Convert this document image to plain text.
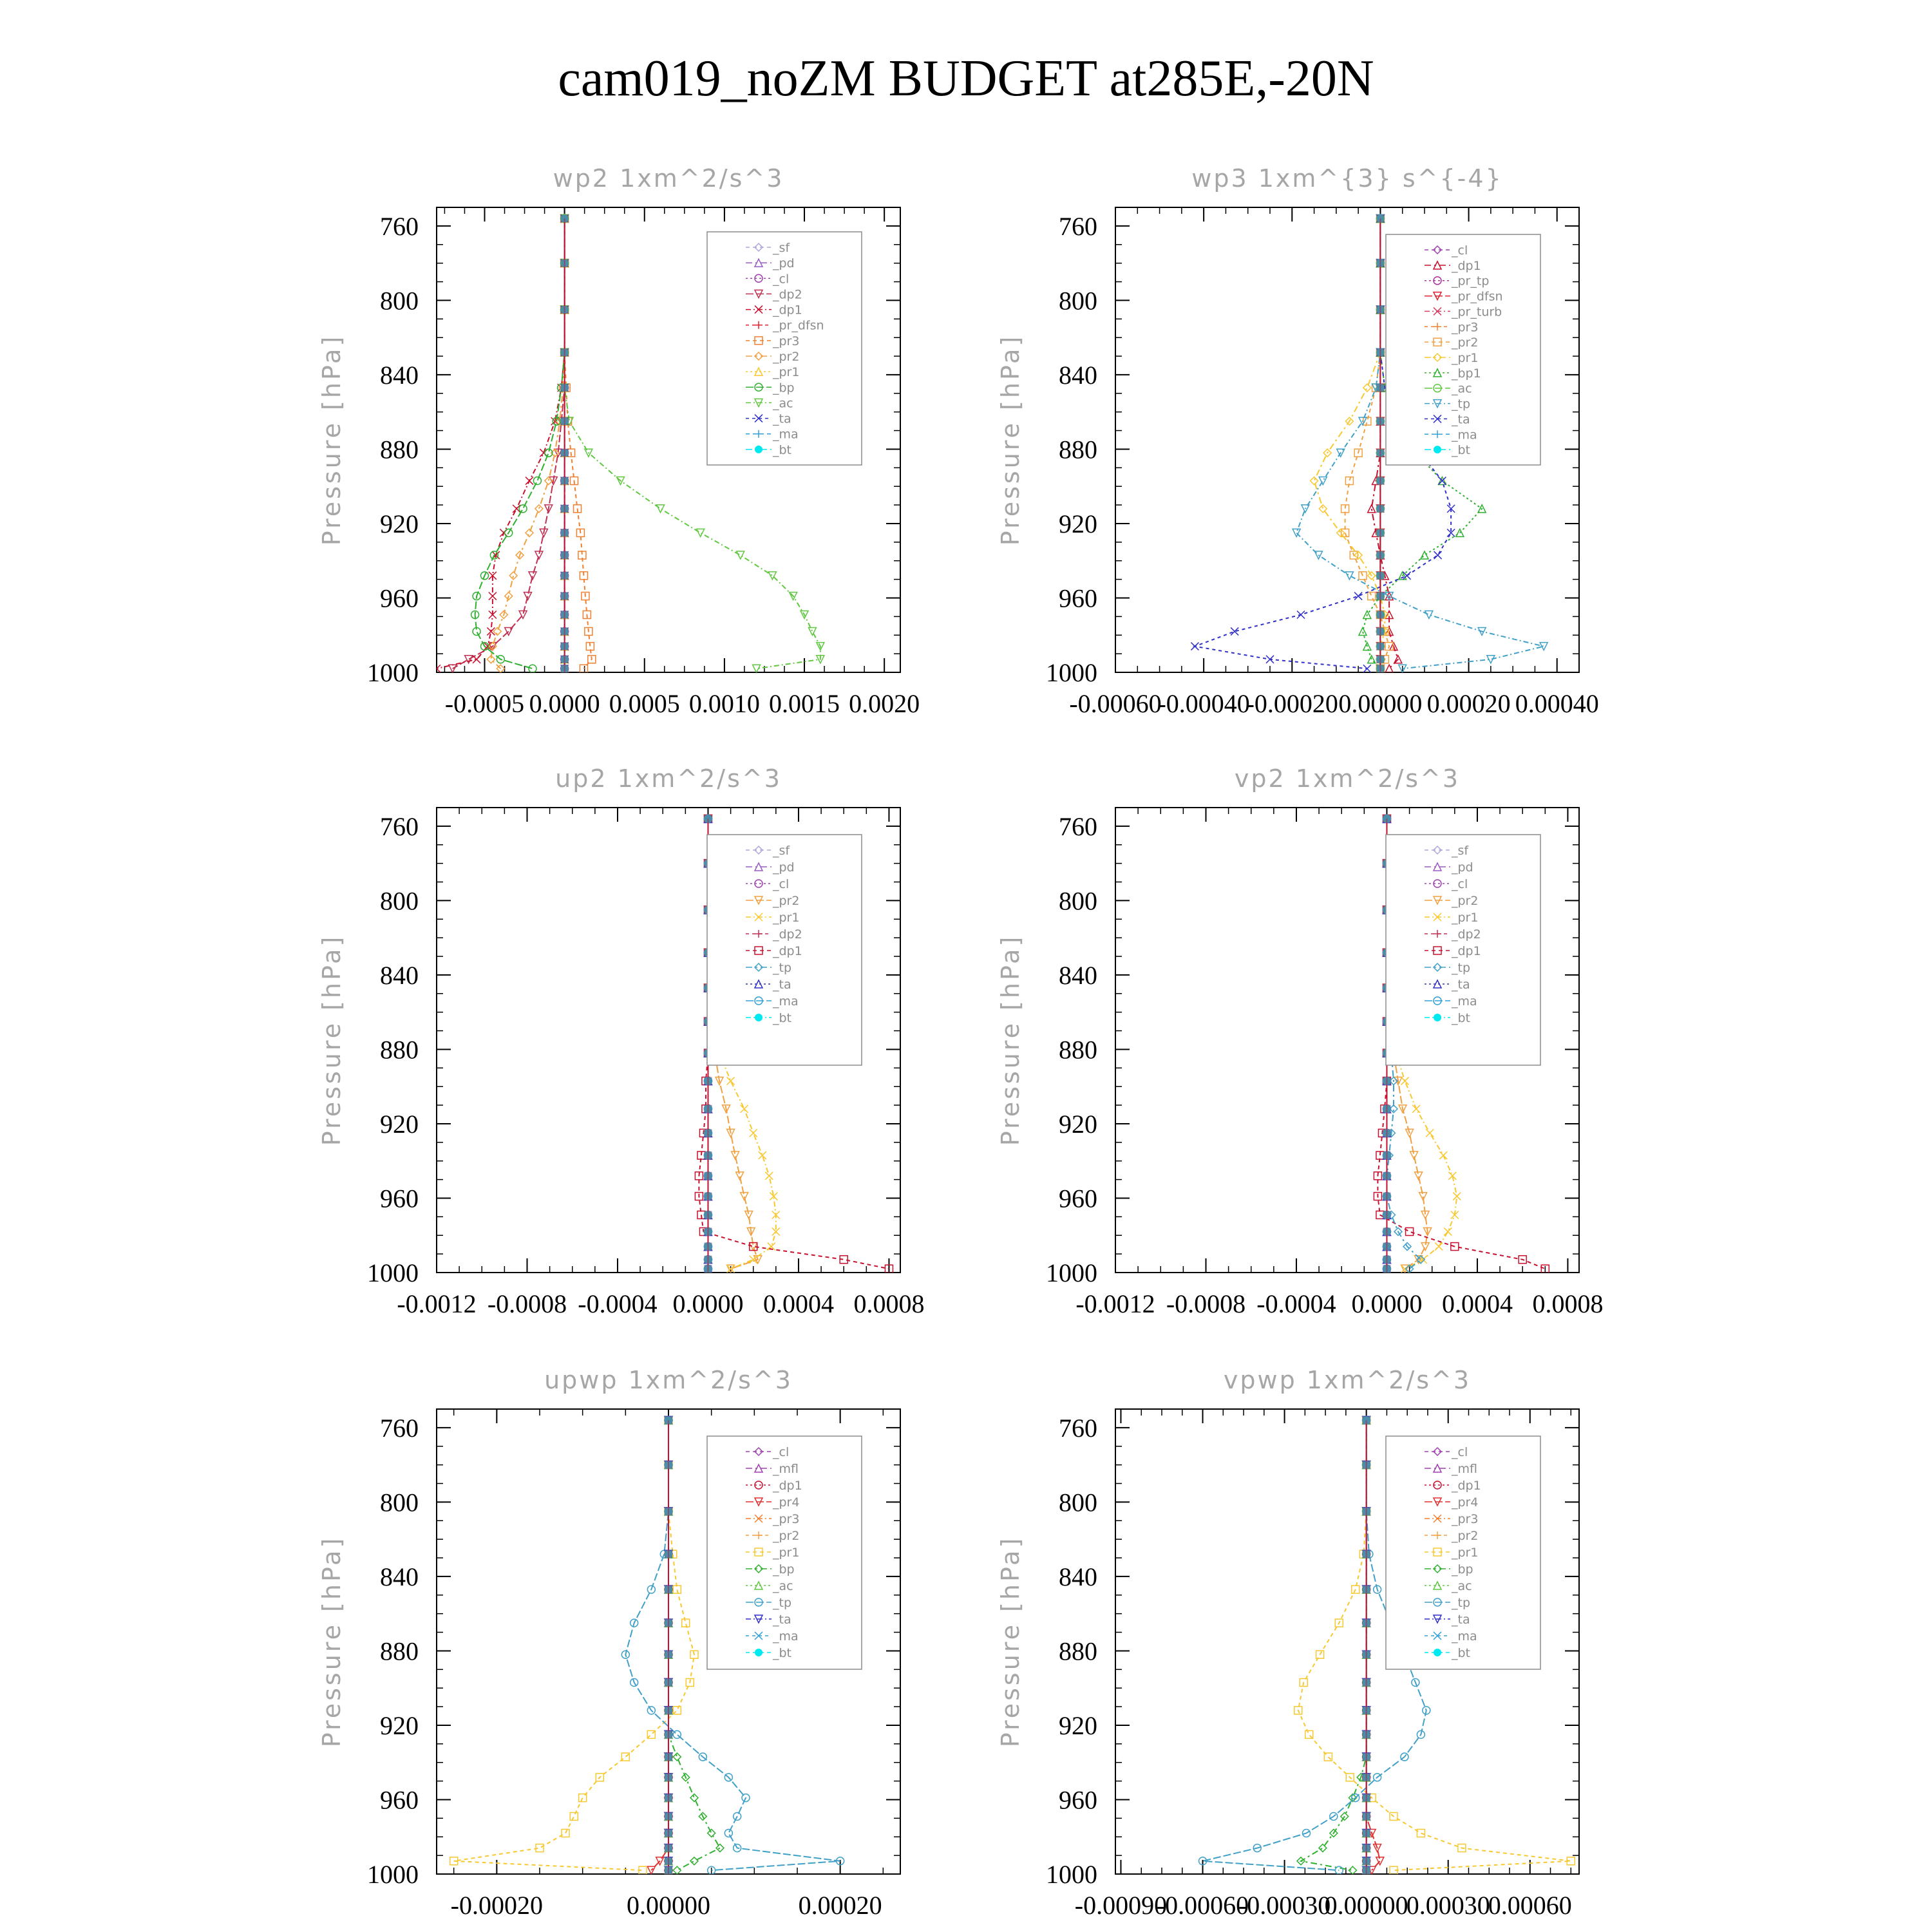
cam019_noZM BUDGET at285E,-20N
wp2 1xm^2/s^3
Pressure [hPa]
760
800
840
880
920
960
1000
-0.0005 0.0000 0.0005 0.0010 0.0015 0.0020
_sf
_pd
_cl
_dp2
_dp1
_pr_dfsn
_pr3
_pr2
_pr1
_bp
_ac
_ta
_ma
_bt
wp3 1xm^{3} s^{-4}
Pressure [hPa]
760
800
840
880
920
960
1000
-0.00060
-0.00040
-0.00020 0.00000 0.00020 0.00040
_cl
_dp1
_pr_tp
_pr_dfsn
_pr_turb
_pr3
_pr2
_pr1
_bp1
_ac
_tp
_ta
_ma
_bt
up2 1xm^2/s^3
Pressure [hPa]
760
800
840
880
920
960
1000
-0.0012 -0.0008 -0.0004 0.0000 0.0004 0.0008
_sf
_pd
_cl
_pr2
_pr1
_dp2
_dp1
_tp
_ta
_ma
_bt
vp2 1xm^2/s^3
Pressure [hPa]
760
800
840
880
920
960
1000
-0.0012 -0.0008 -0.0004 0.0000 0.0004 0.0008
_sf
_pd
_cl
_pr2
_pr1
_dp2
_dp1
_tp
_ta
_ma
_bt
upwp 1xm^2/s^3
Pressure [hPa]
760
800
840
880
920
960
1000
-0.00020	0.00000	0.00020
_cl
_mfl
_dp1
_pr4
_pr3
_pr2
_pr1
_bp
_ac
_tp
_ta
_ma
_bt
vpwp 1xm^2/s^3
Pressure [hPa]
760
800
840
880
920
960
1000
-0.00090
-0.00060
-0.00030
0.00000
0.00030
0.00060
_cl
_mfl
_dp1
_pr4
_pr3
_pr2
_pr1
_bp
_ac
_tp
_ta
_ma
_bt
